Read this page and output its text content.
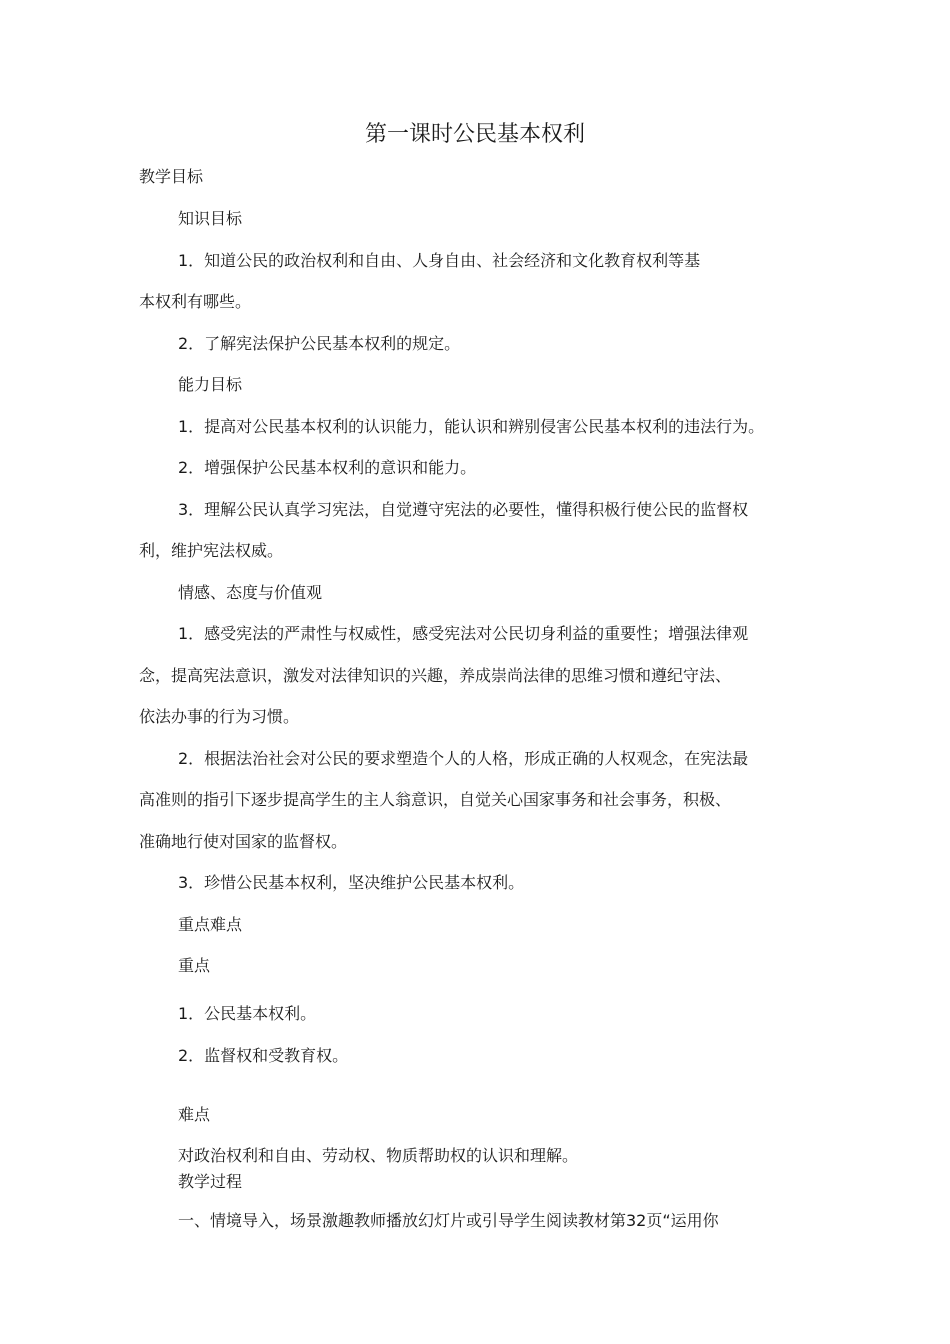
第一课时公民基本权利
教学目标
知识目标
1．知道公民的政治权利和自由、人身自由、社会经济和文化教育权利等基
本权利有哪些。
2．了解宪法保护公民基本权利的规定。
能力目标
1．提高对公民基本权利的认识能力，能认识和辨别侵害公民基本权利的违法行为。
2．增强保护公民基本权利的意识和能力。
3．理解公民认真学习宪法，自觉遵守宪法的必要性，懂得积极行使公民的监督权
利，维护宪法权威。
情感、态度与价值观
1．感受宪法的严肃性与权威性，感受宪法对公民切身利益的重要性；增强法律观
念，提高宪法意识，激发对法律知识的兴趣，养成崇尚法律的思维习惯和遵纪守法、
依法办事的行为习惯。
2．根据法治社会对公民的要求塑造个人的人格，形成正确的人权观念，在宪法最
高准则的指引下逐步提高学生的主人翁意识，自觉关心国家事务和社会事务，积极、
准确地行使对国家的监督权。
3．珍惜公民基本权利，坚决维护公民基本权利。
重点难点
重点
1．公民基本权利。
2．监督权和受教育权。
难点
对政治权利和自由、劳动权、物质帮助权的认识和理解。
教学过程
一、情境导入，场景激趣教师播放幻灯片或引导学生阅读教材第32页“运用你
